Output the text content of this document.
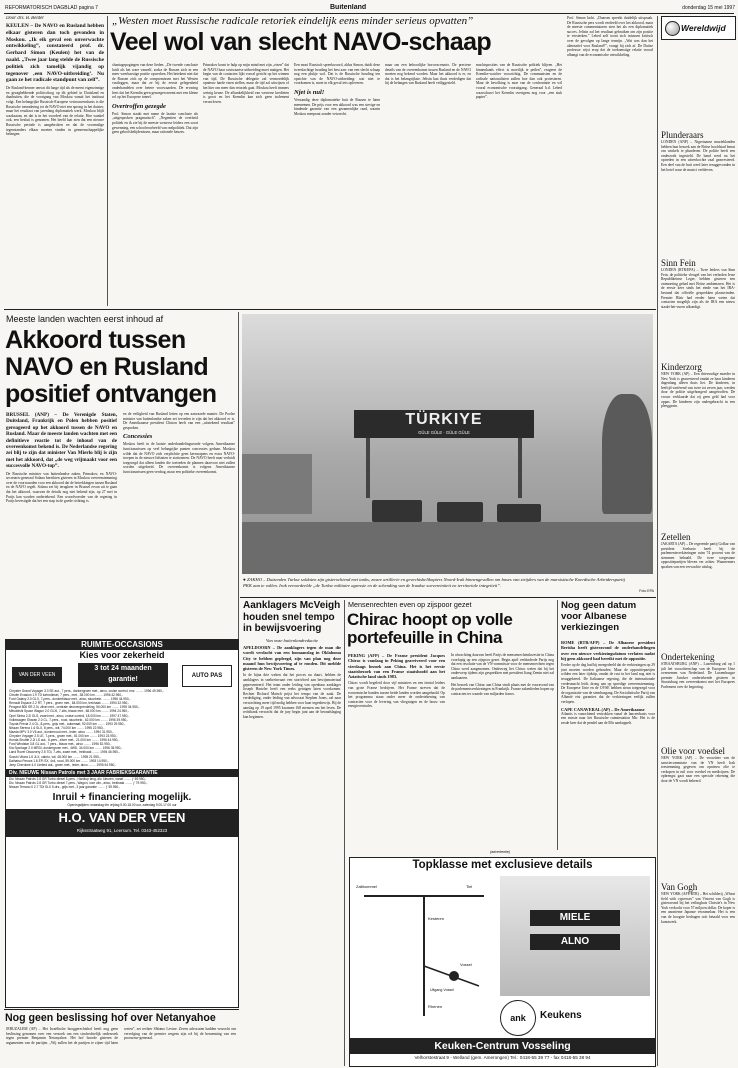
REFORMATORISCH DAGBLAD pagina 7	Buitenland	donderdag 15 mei 1997
Door drs. B. Belder
KEULEN – De NAVO en Rusland hebben elkaar gisteren dan toch gevonden in Moskou. „Ik eik geval een onverwachte ontwikkeling”, constateerd prof. dr. Gerhard Simon (Keulen) het van de naald. „Twee jaar lang stelde de Russische politiek zich tamelijk vijandig op tegenover ‚een NAVO-uitbreiding’. Nu gaan ze het radicale standpunt van zelf”.
De Rusland-kenner omvat dit lange tijd als de meest eigenzinnige en gezaghebbende politicoloog op dit gebied in Duitsland en daarbuiten, die de voortgang van Moskou vanuit het instituut volgt. Een belangrijke Russisch-Europese vertrouwensbasis is die Russische toenadering tot de NAVO niet een sprong in het duister, maar het resultaat van jarenlang diplomatiek werk. Moskou blijft waakzaam, en dat is in het voordeel van de relatie. Hoe wankel ook, een besluit is genomen. Het beeld laat zien dat een nieuwe Russische periode is aangebroken en dat de voormalige tegenstanders elkaar moeten vinden in gemeenschappelijke belangen.
„Westen moet Russische radicale retoriek eindelijk eens minder serieus opvatten”
Veel wol van slecht NAVO-schaap
chantagepogingen van deze lieden. „De tweede conclusie luidt als het ware vanzelf, zodra de Russen zich in een meer weerbarstige positie opwerken. Het betekent niet dat de Russen zich op de compromissen met het Westen vastleggen, maar dat ze bij de eerste gelegenheid onderhandelen over betere voorwaarden. De ervaring leert dat het Kremlin geen genoegen neemt met een kleine rol op het Europese toneel.
Overtroffen gezegde
Prof. Simon staakt met name de laatste conclusie als „uitgesproken pragmatisch”. „Negentien de overheid politiek en ik zie bij de meeste westerse leiders een soort gewenning, een schoolvoorbeeld van realpolitiek. Dat zijn geen geloofsbelijdenissen, maar rationele keuzes.
Primakov komt te hulp op mijn mind met zijn „eisen” dat de NAVO haar oostwaartse uitbreiding moet matigen. Het begin van de contacten lijkt vooral gericht op het winnen van tijd. De Russische delegatie zal vermoedelijk opnieuw harde eisen stellen, maar de tijd zal uitwijzen of het hier om meer dan retoriek gaat. Moskou heeft immers weinig keuze. De afhankelijkheid van westerse kredieten is groot en het Kremlin kan zich geen isolement veroorloven.
Een mooi Russisch spreekwoord, aldus Simon, duidt deze tweeslachtige houding het best aan: van een slecht schaap nog een plukje wol. Dat is de Russische houding ten opzichte van de NAVO-uitbreiding: wat niet te voorkomen is, moet in elk geval iets opleveren.
Njet is nul!
Verstandig deze diplomatieke buit de Russen te laten meenemen. De prijs voor een akkoord was een stevige en bindende garantie van een gezamenlijke raad, waarin Moskou meepraat zonder vetorecht.
maar om een behoorlijke horrorscenario. De precieze details van de overeenkomst tussen Rusland en de NAVO moeten nog bekend worden. Maar het akkoord is er, en dat is het belangrijkste. Jeltsin kan thuis verdedigen dat hij de belangen van Rusland heeft veiliggesteld.
machtsposities van de Russische politiek blijven. „Het binnenlands effect is moeilijk te peilen”, reageert de Kremlin-watcher voorzichtig. De communisten en de radicale nationalisten zullen hoe dan ook protesteren. Maar de bevolking is moe van de confrontatie en wil vooral economische vooruitgang. Generaal b.d. Lebed waarschuwt het Kremlin overigens nog voor „een stuk papier”.
Prof. Simon lacht. „Daarom spreekt duidelijk uitspraak. De Russische pers wordt verdeeld over het akkoord, maar de meeste commentatoren zien het als een diplomatiek succes. Jeltsin zal het resultaat gebruiken om zijn positie te versterken.” Lebed zelf toont zich intussen kritisch over de gevolgen op lange termijn. „Wat was dan het alternatief voor Rusland?”, vraagt hij zich af. De Duitse professor wijst erop dat de toekomstige relatie vooral afhangt van de economische ontwikkeling.
Wereldwijd
Plunderaars
LONDEN (ANP) – Nigeriaanse muzieklanden hebben hun bezoek aan de Britse hoofdstad benut om winkels te plunderen. De politie heeft een onderzoek ingesteld. De band werd na het optreden in een uitverkochte zaal gearresteerd. Een deel van de buit werd later teruggevonden in het hotel waar de musici verbleven.
Sinn Fein
LONDEN (RTR/EPA) – Twee leiders van Sinn Fein, de politieke vleugel van het verboden Ierse Republikeinse Leger, hebben gisteren een ontmoeting gehad met Britse ambtenaren. Het is de eerste keer sinds het einde van het IRA-bestand dat officiële gesprekken plaatsvinden. Premier Blair had eerder laten weten dat contacten mogelijk zijn als de IRA een nieuw staakt-het-vuren afkondigt.
Kinderzorg
NEW YORK (AP) – Een drievoudige moeder in New York is gearresteerd omdat ze haar kinderen dagenlang alleen thuis liet. De kinderen, in leeftijd variërend van twee tot zeven jaar, werden door de politie uitgehongerd aangetroffen. De vrouw verklaarde dat zij geen geld had voor oppas. De kinderen zijn ondergebracht in een pleeggezin.
Zetellen
JAKARTA (AP) – De regerende partij Golkar van president Soeharto heeft bij de parlementsverkiezingen ruim 74 procent van de stemmen behaald. De twee toegestane oppositiepartijen bleven ver achter. Waarnemers spraken van een verwachte uitslag.
Ondertekening
STRAATSBURG (ANP) – Luxemburg zal op 1 juli het voorzitterschap van de Europese Unie overnemen van Nederland. De Luxemburgse premier Juncker ondertekende gisteren in Straatsburg een overeenkomst met het Europees Parlement over de begroting.
Olie voor voedsel
NEW YORK (AP) – De voorzitter van de sanctiecommissie van de VN heeft Irak toestemming gegeven om opnieuw olie te verkopen in ruil voor voedsel en medicijnen. De opbrengst gaat naar een speciale rekening die door de VN wordt beheerd.
Van Gogh
NEW YORK (AFP/RTR) – Het schilderij „Wheat field with cypresses” van Vincent van Gogh is gisteravond bij het veilinghuis Christie's in New York verkocht voor 57 miljoen dollar. De koper is een anonieme Japanse verzamelaar. Het is een van de hoogste bedragen ooit betaald voor een kunstwerk.
Meeste landen wachten eerst inhoud af
Akkoord tussen
NAVO en Rusland
positief ontvangen
BRUSSEL (ANP) – De Verenigde Staten, Duitsland, Frankrijk en Polen hebben positief gereageerd op het akkoord tussen de NAVO en Rusland. Maar de meeste landen wachten met een definitieve reactie tot de inhoud van de overeenkomst bekend is. De Nederlandse regering zei blij te zijn dat minister Van Mierlo blij is zijn met het akkoord, dat „de weg vrijmaakt voor een succesvolle NAVO-top”.
De Russische minister van buitenlandse zaken, Primakov, en NAVO-secretaris-generaal Solana bereikten gisteren in Moskou overeenstemming over de voorwaarden voor een akkoord dat de betrekkingen tussen Rusland en de NAVO regelt. Solana zei bij terugkeer in Brussel ervan uit te gaan dat het akkoord, waarvan de details nog niet bekend zijn, op 27 mei in Parijs kan worden ondertekend. Een woordvoerder van de regering in Parijs bevestigde dat het een stap in de goede richting is.
en de veiligheid van Rusland letten op een aanvaarde manier. De Poolse minister van buitenlandse zaken zei tevreden te zijn dat het akkoord er is. De Amerikaanse president Clinton heeft van een „uitstekend resultaat” gesproken.
Concessies
Moskou heeft in de laatste onderhandelingsronde volgens Amerikaanse functionarissen op veel belangrijke punten concessies gedaan. Moskou wilde dat de NAVO zich verplichtte geen kernwapens en extra NAVO-troepen in de nieuwe lidstaten te stationeren. De NAVO heeft naar verluidt toegezegd dat alleen landen die toetreden de plannen daarvoor niet zullen worden uitgebreid. De overeenkomst is volgens Amerikaanse functionarissen geen verdrag, maar een politieke overeenkomst.
TÜRKIYE
GÜLE GÜLE · GÜLE GÜLE
● ZAKHO – Duizenden Turkse soldaten zijn gisterochtend met tanks, zware artillerie en gevechtshelikopters Noord-Irak binnengevallen om bases van strijders van de marxistische Koerdische Arbeiderspartij PKK aan te vallen. Irak veroordeelde „de Turkse militaire agressie en de schending van de Iraakse soevereiniteit en territoriale integriteit”.
Foto EPA
Aanklagers McVeigh houden snel tempo in bewijsvoering
Van onze buitenlandredactie
APELDOORN – De aanklagers tegen de man die wordt verdacht van een bomaanslag in Oklahoma City te hebben gepleegd, zijn van plan nog deze maand hun bewijsvoering af te ronden. Dit meldde gisteren de New York Times.
In de bijna drie weken dat het proces nu duurt, hebben de aanklagers in sneltreinvaart een stortvloed aan bewijsmateriaal gepresenteerd. Het team onder leiding van openbaar aanklager Joseph Hartzler heeft een reeks getuigen laten voorkomen. Rechter Richard Matsch prijst het tempo van de zaak. De verdediging, onder leiding van advocaat Stephen Jones, zal naar verwachting meer tijd nodig hebben voor haar tegenbewijs. Bij de aanslag op 19 april 1995 kwamen 168 mensen om het leven. De rechtbank verwacht dat de jury begin juni aan de beraadslaging kan beginnen.
Mensenrechten even op zijspoor gezet
Chirac hoopt op volle portefeuille in China
PEKING (AFP) – De Franse president Jacques Chirac is vandaag in Peking gearriveerd voor een vierdaags bezoek aan China. Het is het eerste staatsbezoek van een Franse staatshoofd aan het Aziatische land sinds 1983.
Chirac wordt begeleid door vijf ministers en een tiental leiders van grote Franse bedrijven. Het Franse streven dat de economische banden tussen beide landen worden aangehaald. Op het programma staan onder meer de ondertekening van contracten voor de levering van vliegtuigen en de bouw van energiecentrales.
In afwachting daarvan heeft Parijs de mensenrechtenkwestie in China voorlopig op een zijspoor gezet. Begin april verhinderde Parijs nog dat een resolutie van de VN-commissie voor de mensenrechten tegen China werd aangenomen. Onderweg liet Chirac weten dat hij het onderwerp tijdens zijn gesprekken met president Jiang Zemin niet zal aankaarten.
Het bezoek van Chirac aan China vindt plaats met de vooravond van de parlementsverkiezingen in Frankrijk. Franse zakenlieden hopen op contracten ter waarde van miljarden francs.
Nog geen datum voor Albanese verkiezingen
ROME (RTR/AFP) – De Albanese president Berisha heeft gisteravond de onderhandelingen over een nieuwe verkiezingsdatum verlaten nadat hij geen akkoord had bereikt met de oppositie.
Eerder op de dag had hij meegedeeld dat de verkiezingen op 29 juni moeten worden gehouden. Maar de oppositiepartijen wilden een later tijdstip, omdat de rust in het land nog niet is teruggekeerd. De Italiaanse regering, die de internationale vredesmacht leidt, drong aan op spoedige overeenstemming. De Europese Unie en de OVSE hebben steun toegezegd voor de organisatie van de stembusgang. De Socialistische Partij van Albanië eist garanties dat de verkiezingen eerlijk zullen verlopen.
CAPE CANAVERAL (AP) – De Amerikaanse
Atlantis is vanochtend vertrokken vanaf de lanceerbasis voor een missie naar het Russische ruimtestation Mir. Het is de zesde keer dat de pendel aan de Mir aankoppelt.
RUIMTE-OCCASIONS
Kies voor zekerheid
VAN DER VEEN
3 tot 24 maanden
garantie!	AUTO PAS
Chrysler Grand Voyager 3.3 SE aut., 7 pers., donkergroen met., airco, cruise control, enz. ........ 1996 49.950,-
Citroën Evasion 1.9 TD turbodiesel, 7 pers., met., 38.000 km ........ 1996 42.950,-
Ford Galaxy 2.0 GLX, 7-pers., donkerblauw met., airco, stuurbekr. ........ 1996 44.950,-
Renault Espace 2.2 RT, 7 pers., groen met., 84.000 km, trekhaak ........ 1994 32.950,-
Peugeot 806 SR 2.0i, zilver met., centrale deurvergrendeling, 56.000 km ........ 1995 34.950,-
Mitsubishi Space Wagon 2.0 GLXi, 7-zits, blauw met., 68.000 km ........ 1994 24.950,-
Opel Sintra 2.2i GLS, zwart met., airco, cruise control, 18.000 km ........ 1997 47.950,-
Volkswagen Sharan 2.0 CL, 7-pers., rood, stuurbekr., 62.000 km ........ 1996 39.950,-
Toyota Previa 2.4 GL, 8-pers., grijs met., automaat, 92.000 km ........ 1993 29.950,-
Nissan Serena 1.6 SLX, 8 pers., wit, 74.000 km ........ 1995 22.950,-
Mazda MPV 3.0 V6 aut., donkerrood met., leder, airco ........ 1994 31.950,-
Chrysler Voyager 2.5 LE, 7-pers., groen met., 81.000 km ........ 1993 23.950,-
Honda Shuttle 2.2i LS aut., 6-pers., zilver met., 21.000 km ........ 1996 44.950,-
Ford Windstar 3.8 GL aut., 7 pers., blauw met., airco ........ 1996 52.950,-
Kia Sportage 2.0 MRDi, donkergroen met., 4WD, 34.000 km ........ 1996 35.950,-
Land Rover Discovery 2.5 TDi, 7-zits, zwart met., trekhaak ........ 1994 46.950,-
Suzuki Vitara 1.6 JLX, cabrio, wit, 48.000 km ........ 1995 21.950,-
Daihatsu Feroza 1.6 EFi SX, 4x4, rood, 59.000 km ........ 1993 14.950,-
Jeep Cherokee 4.0 Limited aut., groen met., leder, airco ........ 1995 54.950,-
Div. NIEUWE Nissan Patrols met 3 JAAR FABRIEKSGARANTIE
Div. Nissan Patrols 2.8 GR Turbo diesel 5-pers., Hardtop lang, div. kleuren, vanaf ........ ƒ 69.950,-
Div. Nissan Patrols 2.8 GR Turbo diesel 7-pers., Wagon, luxe uitv., airco, trekhaak ........ ƒ 79.950,-
Nissan Terrano II 2.7 TDi SLX 5-drs., grijs met., 3 jaar garantie ........ ƒ 59.950,-
Inruil + financiering mogelijk.
Openingstijden: maandag t/m vrijdag 9.00-18.00 uur, zaterdag 9.00-17.00 uur
H.O. VAN DER VEEN
Rijksstraatweg 91, Leersum. Tel. 0343-452323
Nog geen beslissing hof over Netanyahoe
JERUZALEM (AP) – Het Israëlische hooggerechtshof heeft nog geen beslissing genomen over een verzoek om een strafrechtelijk onderzoek tegen premier Benjamin Netanyahoe. Het hof hoorde gisteren de argumenten van de partijen. „Wij zullen het de partijen te zijner tijd laten weten”, zei rechter Shlomo Levine. Zeven advocaten hadden verzocht om vervolging van de premier wegens zijn rol bij de benoeming van een procureur-generaal.
(advertentie)
Topklasse met exclusieve details
Zaltbommel	Tiel
Kesteren
Vossel
Rhenen
Uitgang Vossel
MIELE
ALNO
ank	Keukens
Keuken-Centrum Vosseling
Velhorstestraat 9 - Welland (gem. Amerongen) Tel.: 0418-55 39 77 - fax 0418-55 38 94
